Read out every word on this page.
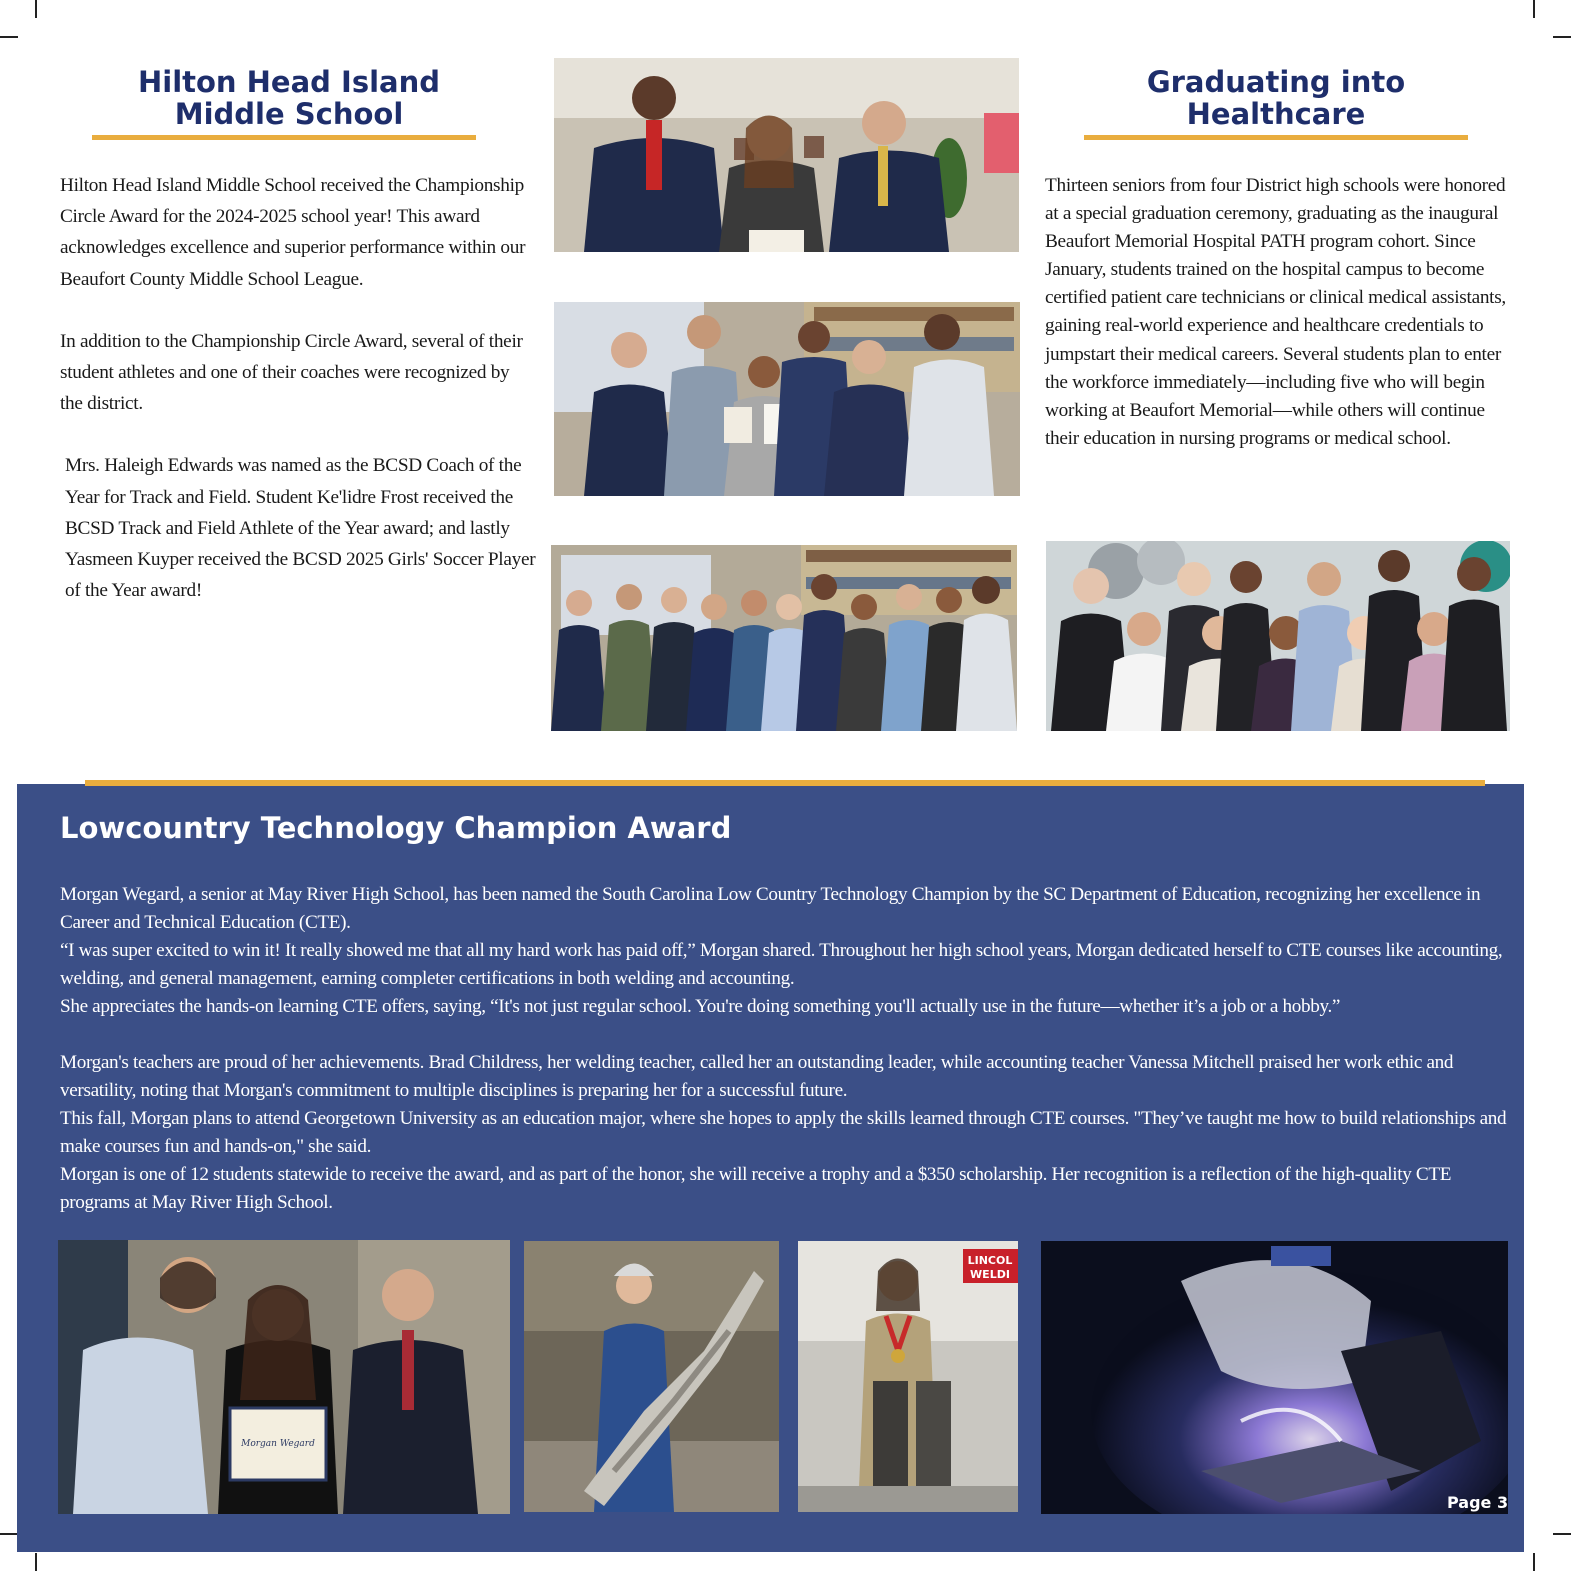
Hilton Head Island
Middle School

Hilton Head Island Middle School received the Championship Circle Award for the 2024-2025 school year! This award acknowledges excellence and superior performance within our Beaufort County Middle School League.

In addition to the Championship Circle Award, several of their student athletes and one of their coaches were recognized by the district.

Mrs. Haleigh Edwards was named as the BCSD Coach of the Year for Track and Field. Student Ke'lidre Frost received the BCSD Track and Field Athlete of the Year award; and lastly Yasmeen Kuyper received the BCSD 2025 Girls' Soccer Player of the Year award!

Graduating into
Healthcare

Thirteen seniors from four District high schools were honored at a special graduation ceremony, graduating as the inaugural Beaufort Memorial Hospital PATH program cohort. Since January, students trained on the hospital campus to become certified patient care technicians or clinical medical assistants, gaining real-world experience and healthcare credentials to jumpstart their medical careers. Several students plan to enter the workforce immediately—including five who will begin working at Beaufort Memorial—while others will continue their education in nursing programs or medical school.

Lowcountry Technology Champion Award

Morgan Wegard, a senior at May River High School, has been named the South Carolina Low Country Technology Champion by the SC Department of Education, recognizing her excellence in Career and Technical Education (CTE).

“I was super excited to win it! It really showed me that all my hard work has paid off,” Morgan shared. Throughout her high school years, Morgan dedicated herself to CTE courses like accounting, welding, and general management, earning completer certifications in both welding and accounting.

She appreciates the hands-on learning CTE offers, saying, “It's not just regular school. You're doing something you'll actually use in the future—whether it’s a job or a hobby.”

Morgan's teachers are proud of her achievements. Brad Childress, her welding teacher, called her an outstanding leader, while accounting teacher Vanessa Mitchell praised her work ethic and versatility, noting that Morgan's commitment to multiple disciplines is preparing her for a successful future.

This fall, Morgan plans to attend Georgetown University as an education major, where she hopes to apply the skills learned through CTE courses. "They’ve taught me how to build relationships and make courses fun and hands-on," she said.

Morgan is one of 12 students statewide to receive the award, and as part of the honor, she will receive a trophy and a $350 scholarship. Her recognition is a reflection of the high-quality CTE programs at May River High School.

Morgan Wegard
LINCOL
WELDI
Page 3
